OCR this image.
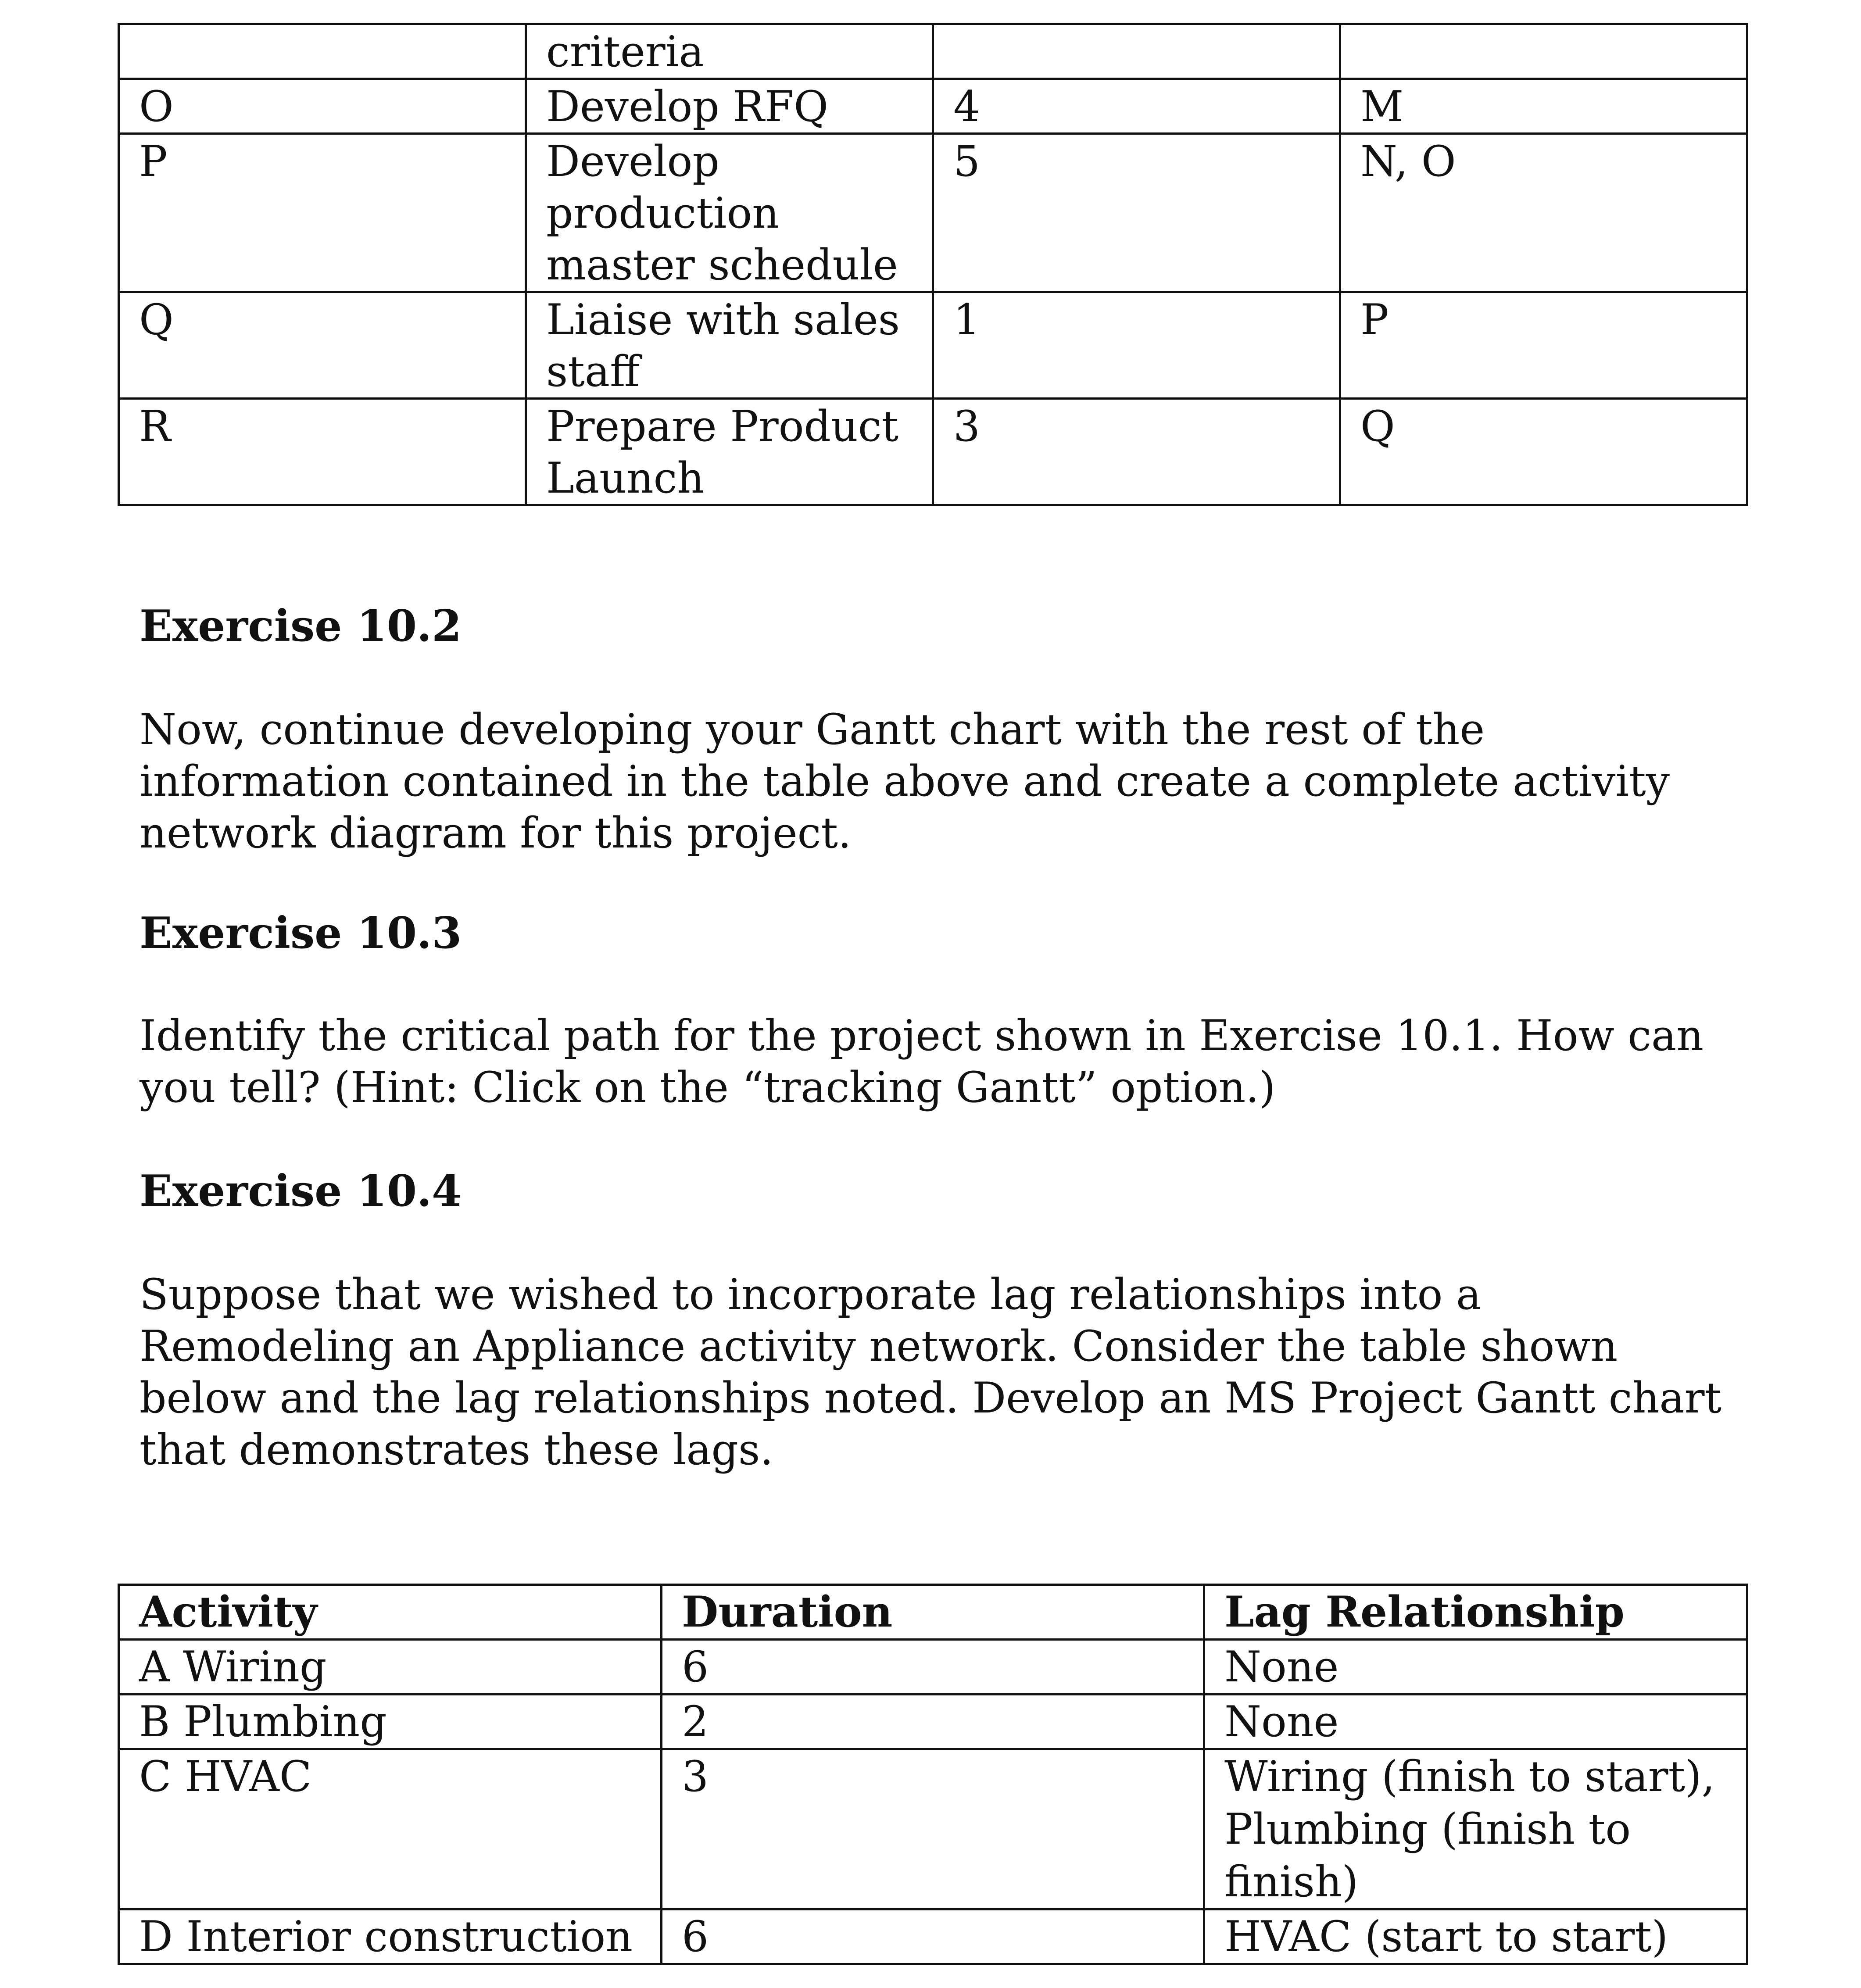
	criteria		
O	Develop RFQ	4	M
P	Develop production master schedule	5	N, O
Q	Liaise with sales staff	1	P
R	Prepare Product Launch	3	Q
Exercise 10.2

Now, continue developing your Gantt chart with the rest of the information contained in the table above and create a complete activity network diagram for this project.

Exercise 10.3

Identify the critical path for the project shown in Exercise 10.1. How can you tell? (Hint: Click on the “tracking Gantt” option.)

Exercise 10.4

Suppose that we wished to incorporate lag relationships into a Remodeling an Appliance activity network. Consider the table shown below and the lag relationships noted. Develop an MS Project Gantt chart that demonstrates these lags.

Activity	Duration	Lag Relationship
A Wiring	6	None
B Plumbing	2	None
C HVAC	3	Wiring (finish to start), Plumbing (finish to finish)
D Interior construction	6	HVAC (start to start)
